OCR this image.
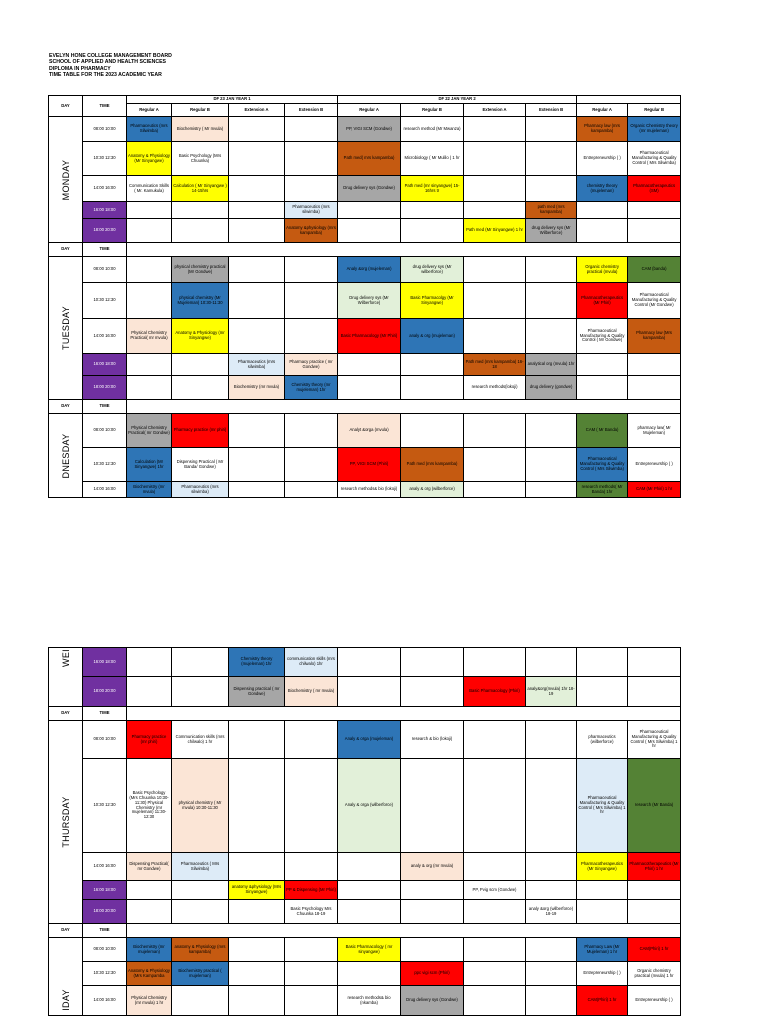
EVELYN HONE COLLEGE MANAGEMENT BOARD
SCHOOL OF APPLIED AND HEALTH SCIENCES
DIPLOMA IN PHARMACY
TIME TABLE FOR THE 2023 ACADEMIC YEAR
DAY	TIME	DF 23 JAN YEAR 1				DF 22 JAN YEAR 2					
		Regular A	Regular B	Extension A	Extension B	Regular A	Regular B	Extension A	Extension B	Regular A	Regular B

MONDAY	08:00 10:00	Pharmaceutics (mrs Silwimba)	Biochemistry ( Mr mvula)			PP, VIGI SCM (Gondwe)	research method (Mr Mwanza)			Pharmacy law (mrs kampamba)	Organic Chemistry theory (mr mujeleman)
	10:30 12:30	Anatomy & Physiology (Mr Sinyangwe)	Basic Psychology (Mrs Chuunka)			Path med( mrs kampamba)	Microbiology ( Mr Mulilo ) 1 hr			Entrepreneurship ( )	Pharmaceutical Manufacturing & Quality Control ( Mrs Silwimba)
	14:00 16:00	Communication Skills ( Mr. Kamukula)	Calculation ( Mr Sinyangwe ) 14-15hrs			Drug delivery sys (Gondwe)	Path med (mr sinyangwe) 15-16hrs tr			chemistry theory (mujeleman)	Pharmacotherapeutics (SM)
	16:00 18:00				Pharmaceutics (mrs silwimba)				path med (mrs kampamba)		
	18:00 20:00				Anatomy &physiology (mrs kampamba)			Path med (Mr Sinyangwe) 1 hr	drug delivery sys (Mr Wilberforce)		
DAY	TIME										

TUESDAY	08:00 10:00		physical chemistry practical (Mr Gondwe)			Analy &org (mujeleman)	drug delivery sys (Mr wilberforce)			Organic chemistry practical (mvula)	CAM (banda)
	10:30 12:30		physical chemistry (Mr Mujeleman) 10:30-11:30			Drug delivery sys (Mr Wilberforce)	Basic Pharmacolgy (Mr Sinyangwe)			Pharmacotherapeutics (Mr Phiri)	Pharmaceutical Manufacturing & Quality Control (Mr Gondwe)
	14:00 16:00	Physical Chemistry Practical( mr mvula)	Anatomy & Physiology (mr Sinyangwe)			Basic Pharmacology (Mr Phiri)	analy & org (mujeleman)			Pharmaceutical Manufacturing & Quality Control ( Mr Gondwe)	Pharmacy law (Mrs kampamba)
	16:00 18:00			Pharmaceutics (mrs silwimba)	Pharmacy practice ( mr Gondwe)			Path med (mrs kampamba) 16-18	analytical org (mvula) 1hr		
	18:00 20:00			Biochemistry (mr mvula)	Chemistry theory (mr mujeleman) 1hr			research methods(lokoji)	drug delivery (gondwe)		
DAY	TIME										

DNESDAY	08:00 10:00	Physical Chemistry Practical( mr Gondwe)	Pharmacy practice (mr phiri)			Analyt &orga (mvula)				CAM ( Mr Banda)	pharmacy law( Mr Mujeleman)
	10:30 12:30	Calculation (Mr Sinyangwe) 1hr	Dispensing Practical ( Mr Banda/ Gondwe)			PP, VIGI SCM (Phiri)	Path med (mrs kampamba)			Pharmaceutical Manufacturing & Quality Control ( Mrs Silwimba)	Entrepreneurship ( )
	14:00 16:00	Biochemistry (mr mvula)	Pharmaceutics (mrs silwimba)			research methods& bio (lokoji)	analy & org (wilberforce)			research methods( Mr Banda) 1hr	CAM (Mr Phiri) 1 hr
WEI	16:00 18:00			Chemistry theory (mujeleman) 1hr	communication skills (mrs chilwalo) 1hr						
	18:00 20:00			Dispensing practical ( mr Gondwe)	Biochemistry ( mr mvula)			Basic Pharmacology (Phiri)	analy&org(mvula) 1hr 18-19		
DAY	TIME										

THURSDAY	08:00 10:00	Pharmacy practice (mr phiri)	Communication skills (mrs chilwalo) 1 hr			Analy & orga (mujeleman)	research & bio (lokoji)			pharmaceutics (wilberforce)	Pharmaceutical Manufacturing & Quality Control ( Mrs Silwimba) 1 hr
	10:30 12:30	Basic Psychology (Mrs Chuunka 10:30-11:30) Physical Chemistry (mr mujeleman) 11:30-12:30	physical chemistry ( Mr mvula) 10:30-11:30			Analy & orga (wilberforce)				Pharmaceutical Manufacturing & Quality Control ( Mrs Silwimba) 1 hr	research (Mr Banda)
	14:00 16:00	Dispensing Practical( mr Gondwe)	Pharmaceutics ( Mrs Silwimba)				analy & org (mr mvula)			Pharmacotherapeutics (Mr Sinyangwe)	Pharmacotherapeutics (Mr Phiri) 1 hr
	16:00 18:00			anatomy &physiology (Mrs Sinyangwe)	PP & Dispensing (Mr Phiri)			PP, Pvig scm (Gondwe)			
	18:00 20:00				Basic Psychology Mrs Chuunka 18-19				analy &org (wilberforce) 18-19		
DAY	TIME										

IDAY	08:00 10:00	Biochemistry (mr mujeleman)	anatomy & Physiology (mrs kampamba)			Basic Pharmacology ( mr sinyangwe)				Pharmacy Law (Mr Mujeleman) 1 hr	CAM(Phiri) 1 hr
	10:30 12:30	Anatomy & Physiology (Mrs Kampamba	Biochemistry practical ( mujeleman)				ppc vigi scm (Phiri)			Entrepreneurship ( )	Organic chemistry practical (mvula) 1 hr
	14:00 16:00	Physical Chemistry (mr mvula) 1 hr				research methods& bio (nkamba)	Drug delivery sys (Gondwe)			CAM(Phiri) 1 hr	Entrepreneurship ( )
